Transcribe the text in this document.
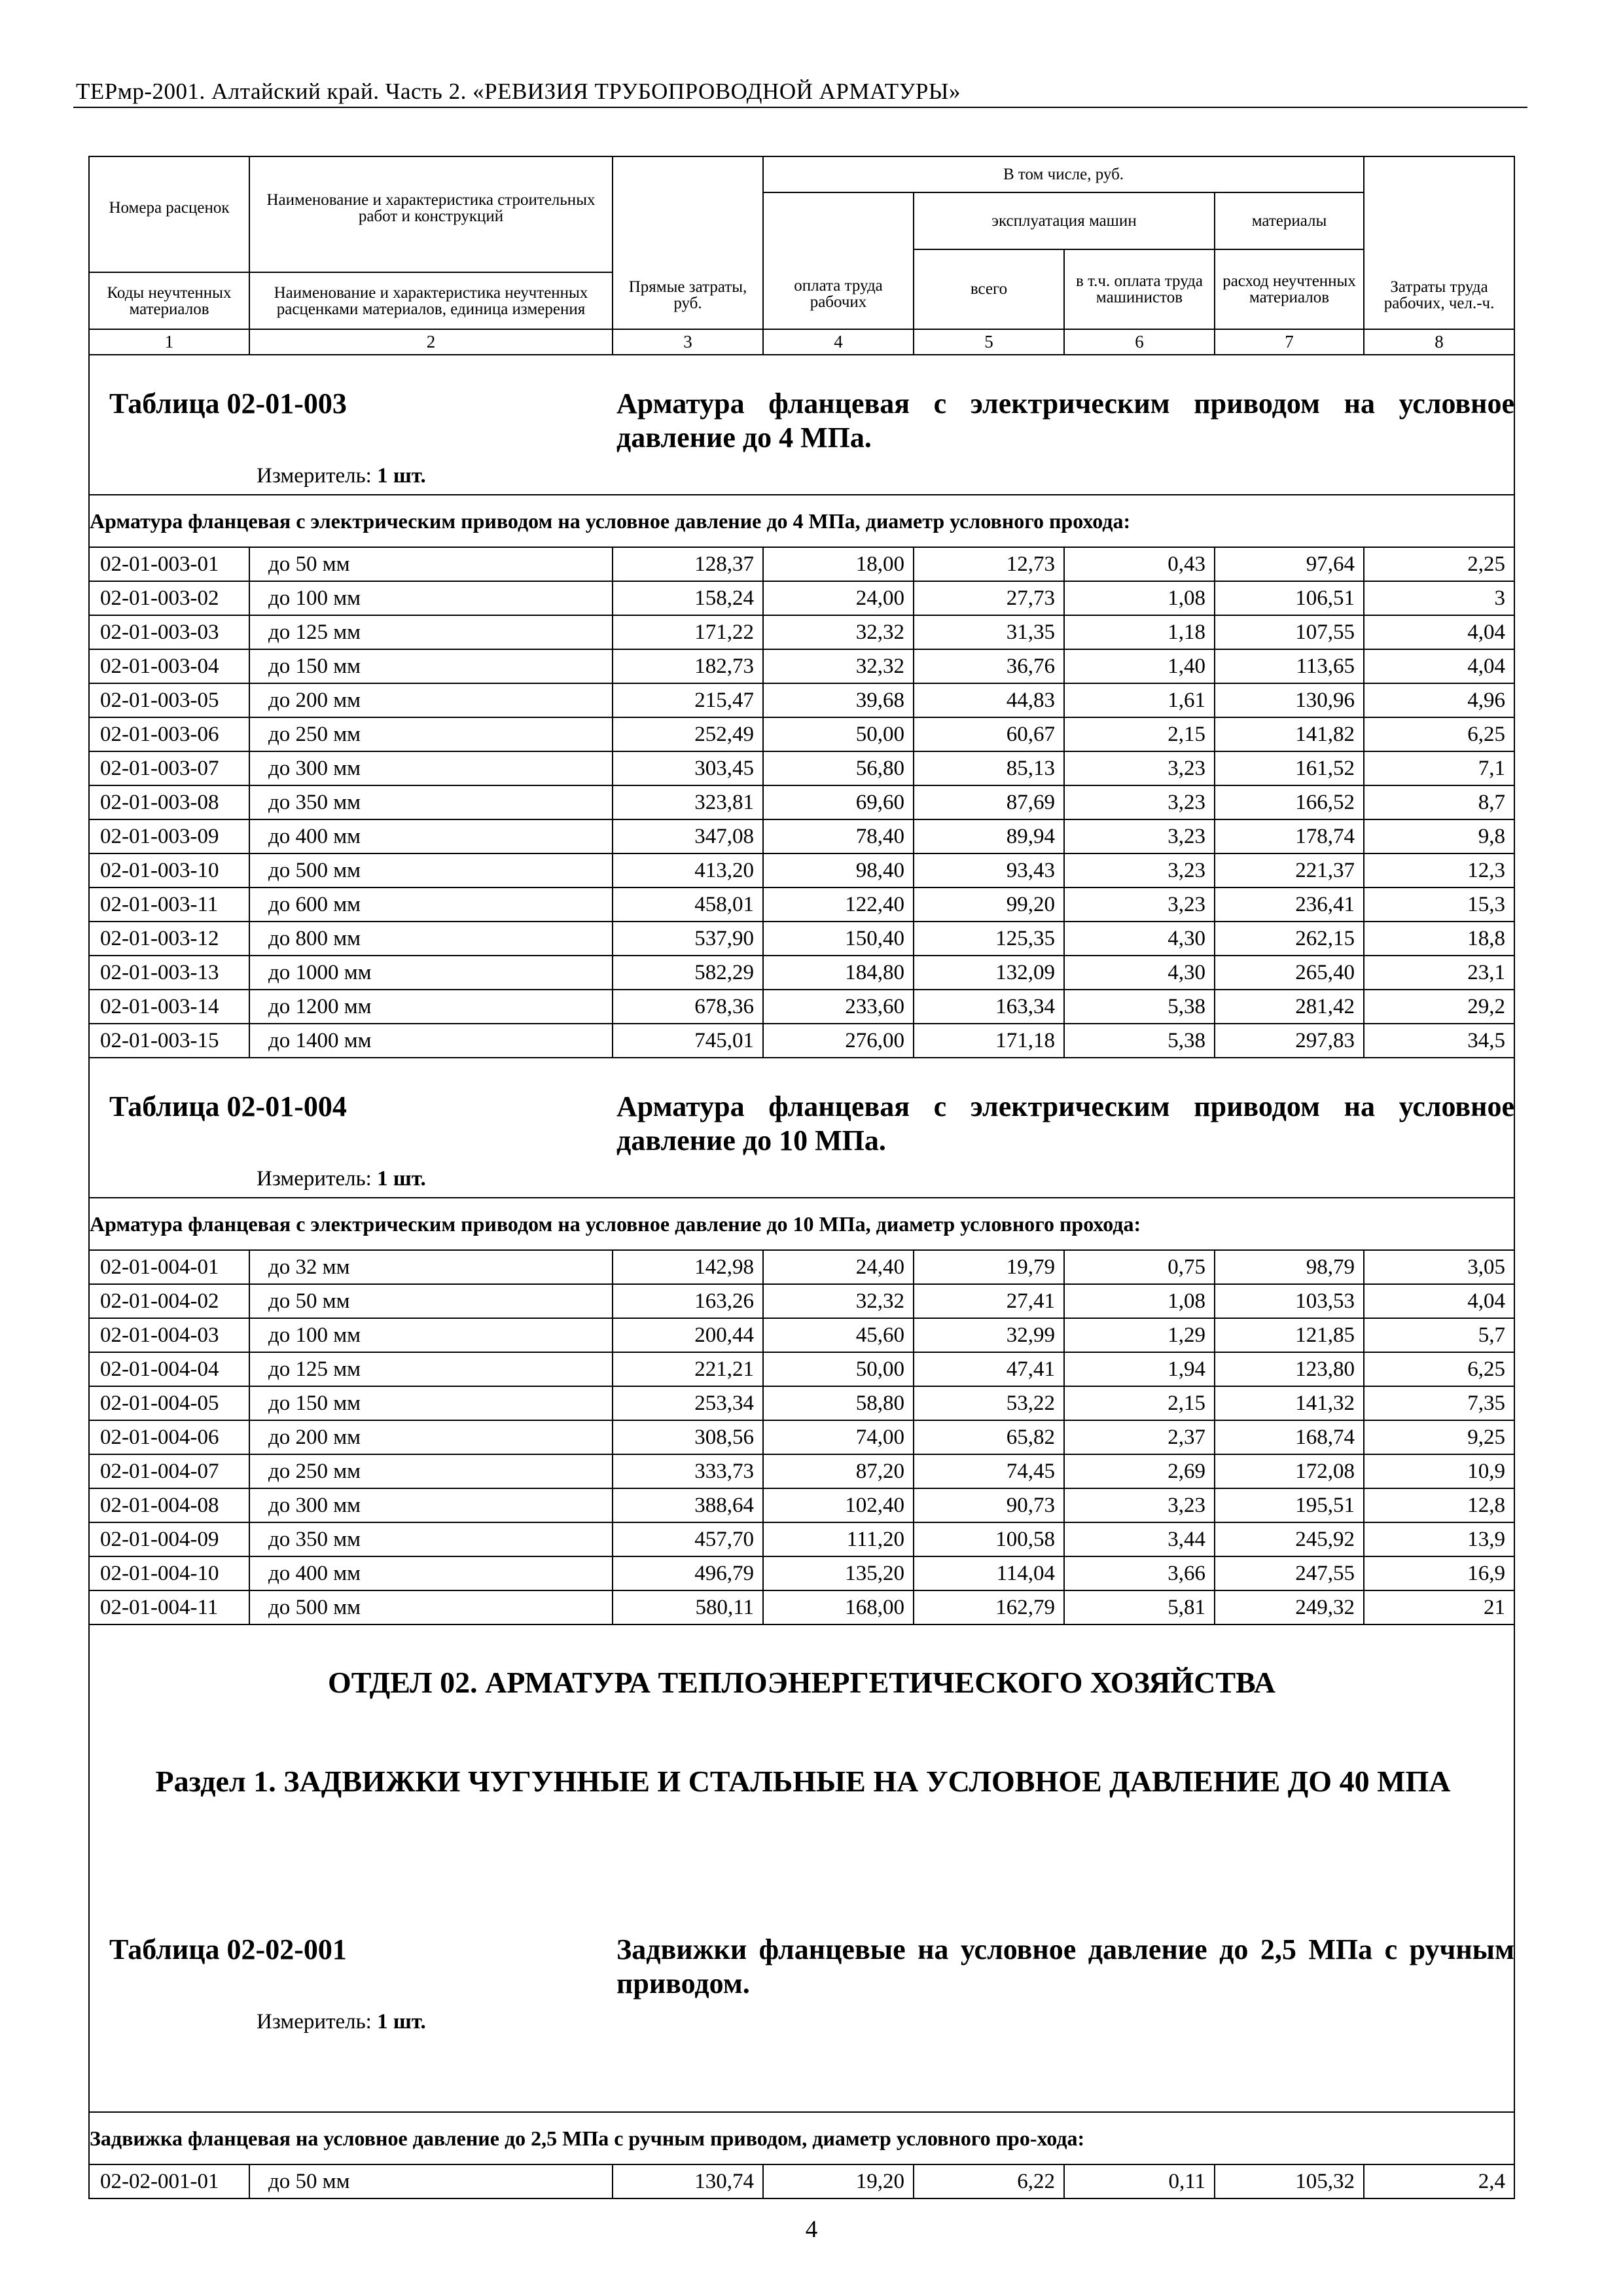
ТЕРмр-2001. Алтайский край. Часть 2. «РЕВИЗИЯ ТРУБОПРОВОДНОЙ АРМАТУРЫ»
Номера расценок	Наименование и характеристика строительных работ и конструкций	Прямые затраты, руб.	В том числе, руб.				Затраты труда рабочих, чел.-ч.

			оплата труда рабочих	эксплуатация машин		материалы	
				всего	в т.ч. оплата труда машинистов	расход неучтенных материалов	

Коды неучтенных материалов	Наименование и характеристика неучтенных расценками материалов, единица измерения						
1	2	3	4	5	6	7	8

Таблица 02-01-003 Арматура фланцевая с электрическим приводом на условное давление до 4 МПа.
Измеритель: 1 шт.							

Арматура фланцевая с электрическим приводом на условное давление до 4 МПа, диаметр условного прохода:							
02-01-003-01	до 50 мм	128,37	18,00	12,73	0,43	97,64	2,25
02-01-003-02	до 100 мм	158,24	24,00	27,73	1,08	106,51	3
02-01-003-03	до 125 мм	171,22	32,32	31,35	1,18	107,55	4,04
02-01-003-04	до 150 мм	182,73	32,32	36,76	1,40	113,65	4,04
02-01-003-05	до 200 мм	215,47	39,68	44,83	1,61	130,96	4,96
02-01-003-06	до 250 мм	252,49	50,00	60,67	2,15	141,82	6,25
02-01-003-07	до 300 мм	303,45	56,80	85,13	3,23	161,52	7,1
02-01-003-08	до 350 мм	323,81	69,60	87,69	3,23	166,52	8,7
02-01-003-09	до 400 мм	347,08	78,40	89,94	3,23	178,74	9,8
02-01-003-10	до 500 мм	413,20	98,40	93,43	3,23	221,37	12,3
02-01-003-11	до 600 мм	458,01	122,40	99,20	3,23	236,41	15,3
02-01-003-12	до 800 мм	537,90	150,40	125,35	4,30	262,15	18,8
02-01-003-13	до 1000 мм	582,29	184,80	132,09	4,30	265,40	23,1
02-01-003-14	до 1200 мм	678,36	233,60	163,34	5,38	281,42	29,2
02-01-003-15	до 1400 мм	745,01	276,00	171,18	5,38	297,83	34,5

Таблица 02-01-004 Арматура фланцевая с электрическим приводом на условное давление до 10 МПа.
Измеритель: 1 шт.							

Арматура фланцевая с электрическим приводом на условное давление до 10 МПа, диаметр условного прохода:							
02-01-004-01	до 32 мм	142,98	24,40	19,79	0,75	98,79	3,05
02-01-004-02	до 50 мм	163,26	32,32	27,41	1,08	103,53	4,04
02-01-004-03	до 100 мм	200,44	45,60	32,99	1,29	121,85	5,7
02-01-004-04	до 125 мм	221,21	50,00	47,41	1,94	123,80	6,25
02-01-004-05	до 150 мм	253,34	58,80	53,22	2,15	141,32	7,35
02-01-004-06	до 200 мм	308,56	74,00	65,82	2,37	168,74	9,25
02-01-004-07	до 250 мм	333,73	87,20	74,45	2,69	172,08	10,9
02-01-004-08	до 300 мм	388,64	102,40	90,73	3,23	195,51	12,8
02-01-004-09	до 350 мм	457,70	111,20	100,58	3,44	245,92	13,9
02-01-004-10	до 400 мм	496,79	135,20	114,04	3,66	247,55	16,9
02-01-004-11	до 500 мм	580,11	168,00	162,79	5,81	249,32	21

ОТДЕЛ 02. АРМАТУРА ТЕПЛОЭНЕРГЕТИЧЕСКОГО ХОЗЯЙСТВА
Раздел 1. ЗАДВИЖКИ ЧУГУННЫЕ И СТАЛЬНЫЕ НА УСЛОВНОЕ ДАВЛЕНИЕ ДО 40 МПА
Таблица 02-02-001 Задвижки фланцевые на условное давление до 2,5 МПа с ручным приводом.
Измеритель: 1 шт.							

Задвижка фланцевая на условное давление до 2,5 МПа с ручным приводом, диаметр условного про-хода:							
02-02-001-01	до 50 мм	130,74	19,20	6,22	0,11	105,32	2,4
4
